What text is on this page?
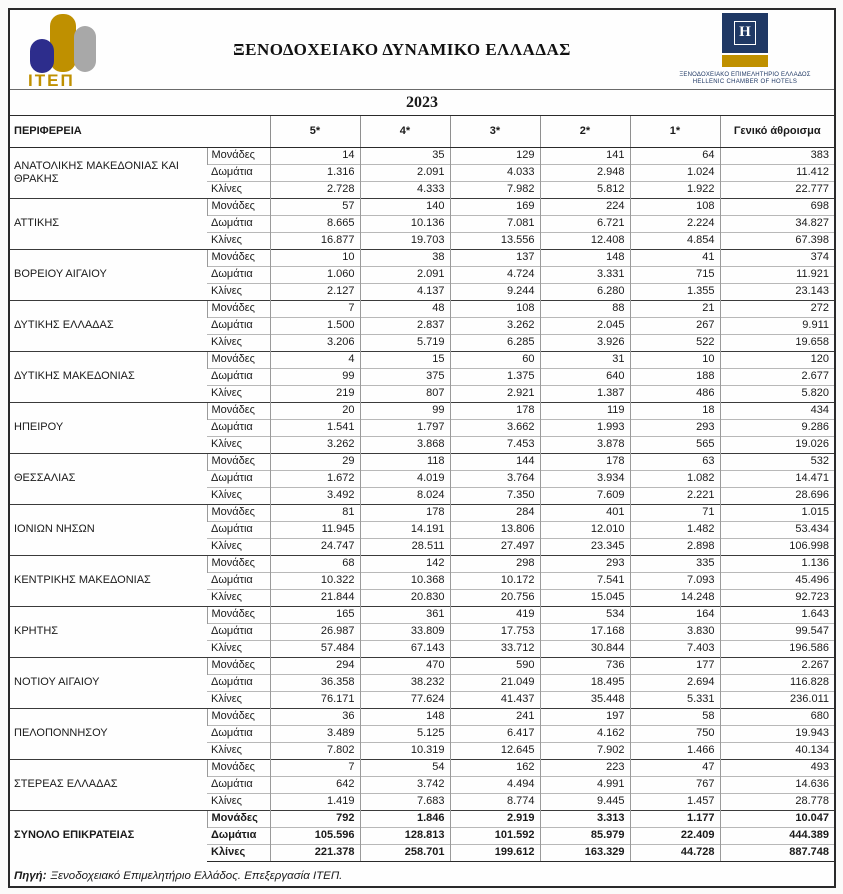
ΙΤΕΠ
ΞΕΝΟΔΟΧΕΙΑΚΟ ΔΥΝΑΜΙΚΟ ΕΛΛΑΔΑΣ
H
ΞΕΝΟΔΟΧΕΙΑΚΟ ΕΠΙΜΕΛΗΤΗΡΙΟ ΕΛΛΑΔΟΣ
HELLENIC CHAMBER OF HOTELS
2023
ΠΕΡΙΦΕΡΕΙΑ		5*	4*	3*	2*	1*	Γενικό άθροισμα
ΑΝΑΤΟΛΙΚΗΣ ΜΑΚΕΔΟΝΙΑΣ ΚΑΙ ΘΡΑΚΗΣ	Μονάδες	14	35	129	141	64	383
	Δωμάτια	1.316	2.091	4.033	2.948	1.024	11.412
	Κλίνες	2.728	4.333	7.982	5.812	1.922	22.777
ΑΤΤΙΚΗΣ	Μονάδες	57	140	169	224	108	698
	Δωμάτια	8.665	10.136	7.081	6.721	2.224	34.827
	Κλίνες	16.877	19.703	13.556	12.408	4.854	67.398
ΒΟΡΕΙΟΥ ΑΙΓΑΙΟΥ	Μονάδες	10	38	137	148	41	374
	Δωμάτια	1.060	2.091	4.724	3.331	715	11.921
	Κλίνες	2.127	4.137	9.244	6.280	1.355	23.143
ΔΥΤΙΚΗΣ ΕΛΛΑΔΑΣ	Μονάδες	7	48	108	88	21	272
	Δωμάτια	1.500	2.837	3.262	2.045	267	9.911
	Κλίνες	3.206	5.719	6.285	3.926	522	19.658
ΔΥΤΙΚΗΣ ΜΑΚΕΔΟΝΙΑΣ	Μονάδες	4	15	60	31	10	120
	Δωμάτια	99	375	1.375	640	188	2.677
	Κλίνες	219	807	2.921	1.387	486	5.820
ΗΠΕΙΡΟΥ	Μονάδες	20	99	178	119	18	434
	Δωμάτια	1.541	1.797	3.662	1.993	293	9.286
	Κλίνες	3.262	3.868	7.453	3.878	565	19.026
ΘΕΣΣΑΛΙΑΣ	Μονάδες	29	118	144	178	63	532
	Δωμάτια	1.672	4.019	3.764	3.934	1.082	14.471
	Κλίνες	3.492	8.024	7.350	7.609	2.221	28.696
ΙΟΝΙΩΝ ΝΗΣΩΝ	Μονάδες	81	178	284	401	71	1.015
	Δωμάτια	11.945	14.191	13.806	12.010	1.482	53.434
	Κλίνες	24.747	28.511	27.497	23.345	2.898	106.998
ΚΕΝΤΡΙΚΗΣ ΜΑΚΕΔΟΝΙΑΣ	Μονάδες	68	142	298	293	335	1.136
	Δωμάτια	10.322	10.368	10.172	7.541	7.093	45.496
	Κλίνες	21.844	20.830	20.756	15.045	14.248	92.723
ΚΡΗΤΗΣ	Μονάδες	165	361	419	534	164	1.643
	Δωμάτια	26.987	33.809	17.753	17.168	3.830	99.547
	Κλίνες	57.484	67.143	33.712	30.844	7.403	196.586
ΝΟΤΙΟΥ ΑΙΓΑΙΟΥ	Μονάδες	294	470	590	736	177	2.267
	Δωμάτια	36.358	38.232	21.049	18.495	2.694	116.828
	Κλίνες	76.171	77.624	41.437	35.448	5.331	236.011
ΠΕΛΟΠΟΝΝΗΣΟΥ	Μονάδες	36	148	241	197	58	680
	Δωμάτια	3.489	5.125	6.417	4.162	750	19.943
	Κλίνες	7.802	10.319	12.645	7.902	1.466	40.134
ΣΤΕΡΕΑΣ ΕΛΛΑΔΑΣ	Μονάδες	7	54	162	223	47	493
	Δωμάτια	642	3.742	4.494	4.991	767	14.636
	Κλίνες	1.419	7.683	8.774	9.445	1.457	28.778
ΣΥΝΟΛΟ ΕΠΙΚΡΑΤΕΙΑΣ	Μονάδες	792	1.846	2.919	3.313	1.177	10.047
	Δωμάτια	105.596	128.813	101.592	85.979	22.409	444.389
	Κλίνες	221.378	258.701	199.612	163.329	44.728	887.748
Πηγή: Ξενοδοχειακό Επιμελητήριο Ελλάδος. Επεξεργασία ΙΤΕΠ.
